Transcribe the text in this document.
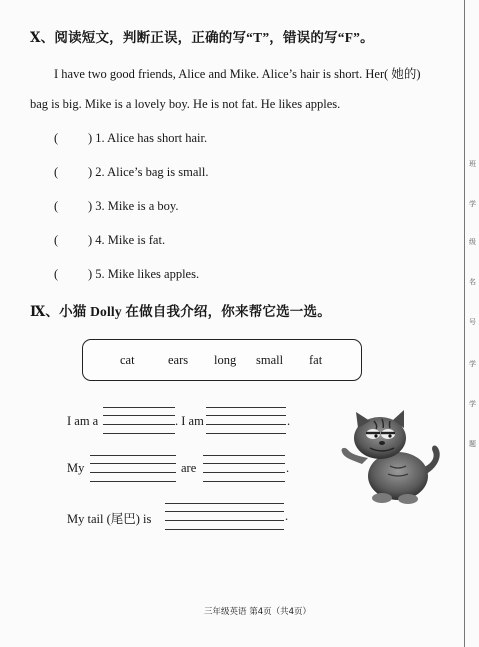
Ⅹ、阅读短文，判断正误，正确的写“T”，错误的写“F”。
I have two good friends, Alice and Mike. Alice’s hair is short. Her( 她的)
bag is big. Mike is a lovely boy. He is not fat. He likes apples.
( ) 1. Alice has short hair.
( ) 2. Alice’s bag is small.
( ) 3. Mike is a boy.
( ) 4. Mike is fat.
( ) 5. Mike likes apples.
Ⅸ、小猫 Dolly 在做自我介绍，你来帮它选一选。
cat	ears long small fat
I am a	. I am	.
My	are	.
My tail (尾巴) is	.
三年级英语 第4页（共4页）
班
学
级
名
号
学
学
题
